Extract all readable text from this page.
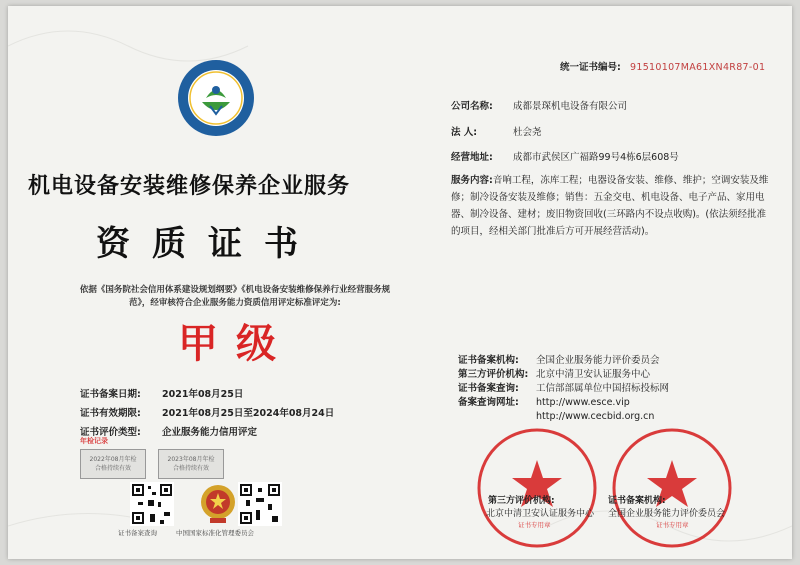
统一证书编号: 91510107MA61XN4R87-01
机电设备安装维修保养企业服务
资质证书
依据《国务院社会信用体系建设规划纲要》《机电设备安装维修保养行业经营服务规范》，经审核符合企业服务能力资质信用评定标准评定为:
甲级
公司名称: 成都景琛机电设备有限公司
法 人:	杜会尧
经营地址: 成都市武侯区广福路99号4栋6层608号
服务内容:音响工程，冻库工程；电器设备安装、维修、维护；空调安装及维修；制冷设备安装及维修；销售：五金交电、机电设备、电子产品、家用电器、制冷设备、建材；废旧物资回收(三环路内不设点收购)。(依法须经批准的项目，经相关部门批准后方可开展经营活动)。
证书备案机构: 全国企业服务能力评价委员会
第三方评价机构: 北京中清卫安认证服务中心
证书备案查询: 工信部部属单位中国招标投标网
备案查询网址: http://www.esce.vip
http://www.cecbid.org.cn
证书备案日期: 2021年08月25日
证书有效期限: 2021年08月25日至2024年08月24日
证书评价类型: 企业服务能力信用评定
年检记录
2022年08月年检
合格持续有效
2023年08月年检
合格持续有效
证书备案查询	中国国家标准化管理委员会
第三方评价机构:
北京中清卫安认证服务中心
证书专用章
证书备案机构:
全国企业服务能力评价委员会
证书专用章
